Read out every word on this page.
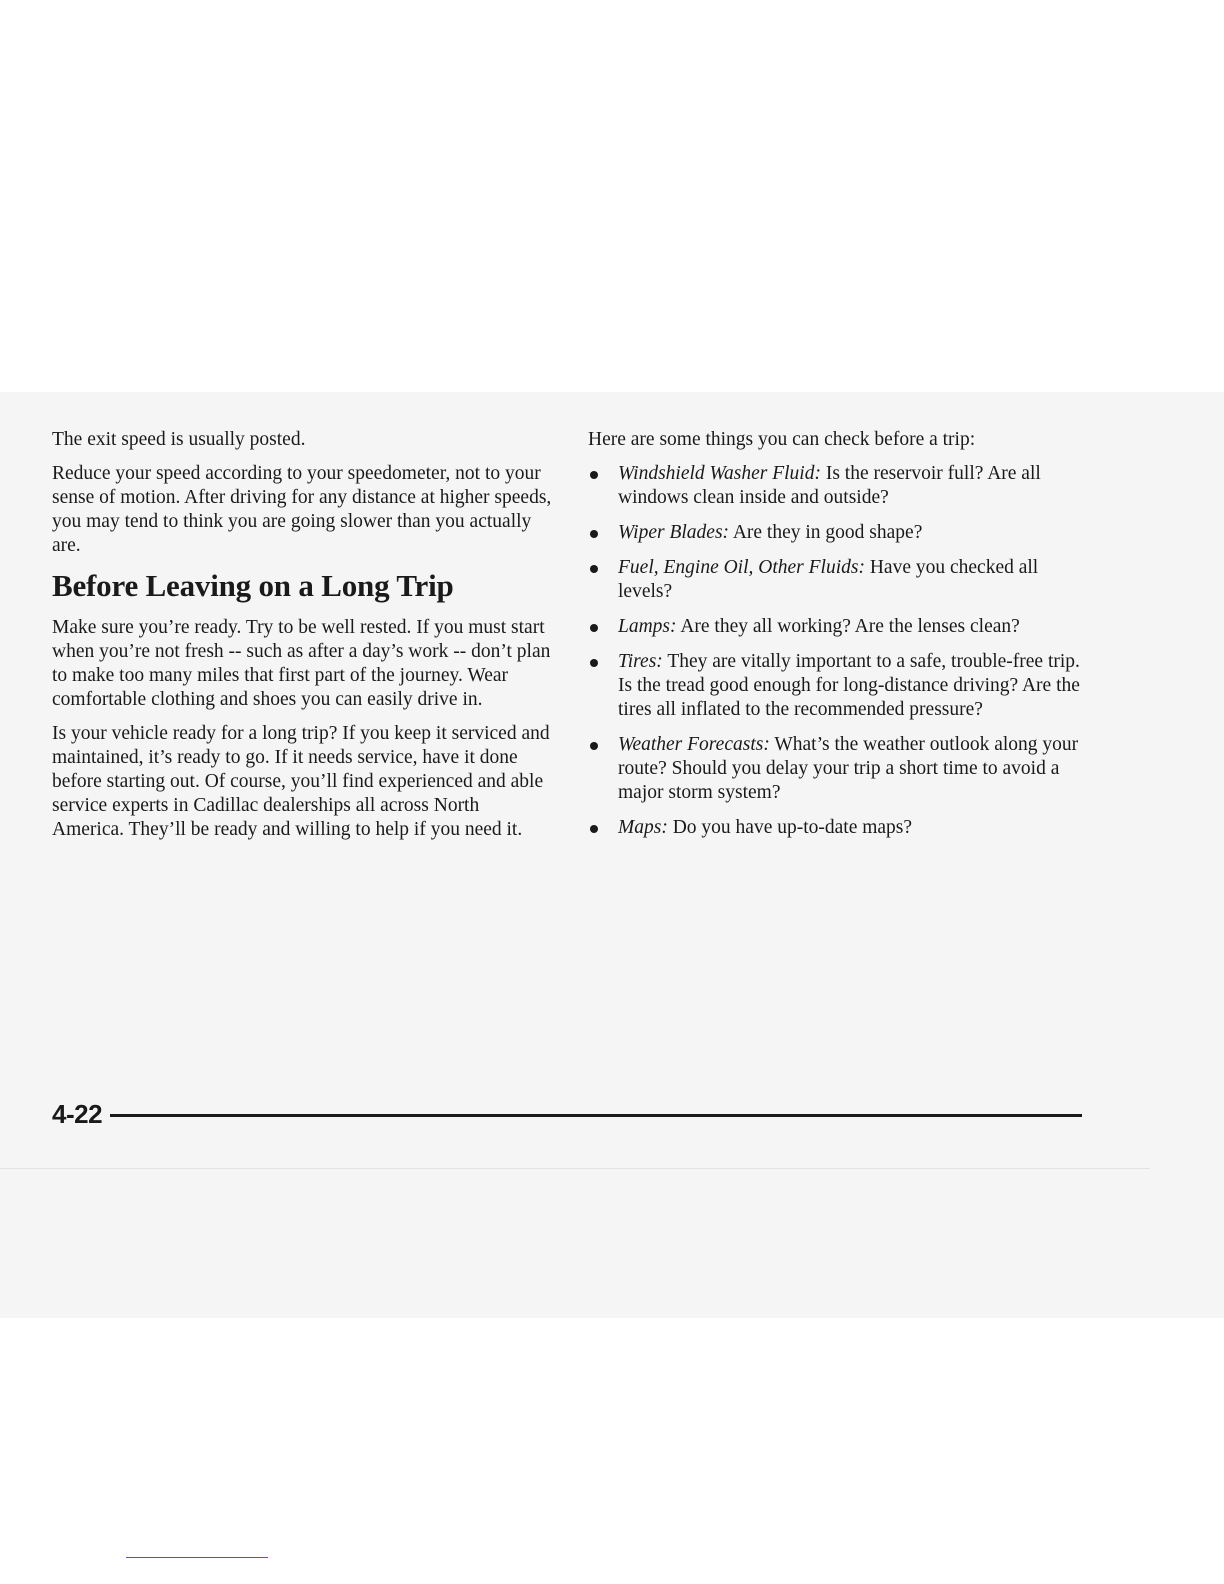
The exit speed is usually posted.

Reduce your speed according to your speedometer, not to your sense of motion. After driving for any distance at higher speeds, you may tend to think you are going slower than you actually are.

Before Leaving on a Long Trip

Make sure you’re ready. Try to be well rested. If you must start when you’re not fresh -- such as after a day’s work -- don’t plan to make too many miles that first part of the journey. Wear comfortable clothing and shoes you can easily drive in.

Is your vehicle ready for a long trip? If you keep it serviced and maintained, it’s ready to go. If it needs service, have it done before starting out. Of course, you’ll find experienced and able service experts in Cadillac dealerships all across North America. They’ll be ready and willing to help if you need it.

Here are some things you can check before a trip:

Windshield Washer Fluid: Is the reservoir full? Are all windows clean inside and outside?
Wiper Blades: Are they in good shape?
Fuel, Engine Oil, Other Fluids: Have you checked all levels?
Lamps: Are they all working? Are the lenses clean?
Tires: They are vitally important to a safe, trouble-free trip. Is the tread good enough for long-distance driving? Are the tires all inflated to the recommended pressure?
Weather Forecasts: What’s the weather outlook along your route? Should you delay your trip a short time to avoid a major storm system?
Maps: Do you have up-to-date maps?
4-22
